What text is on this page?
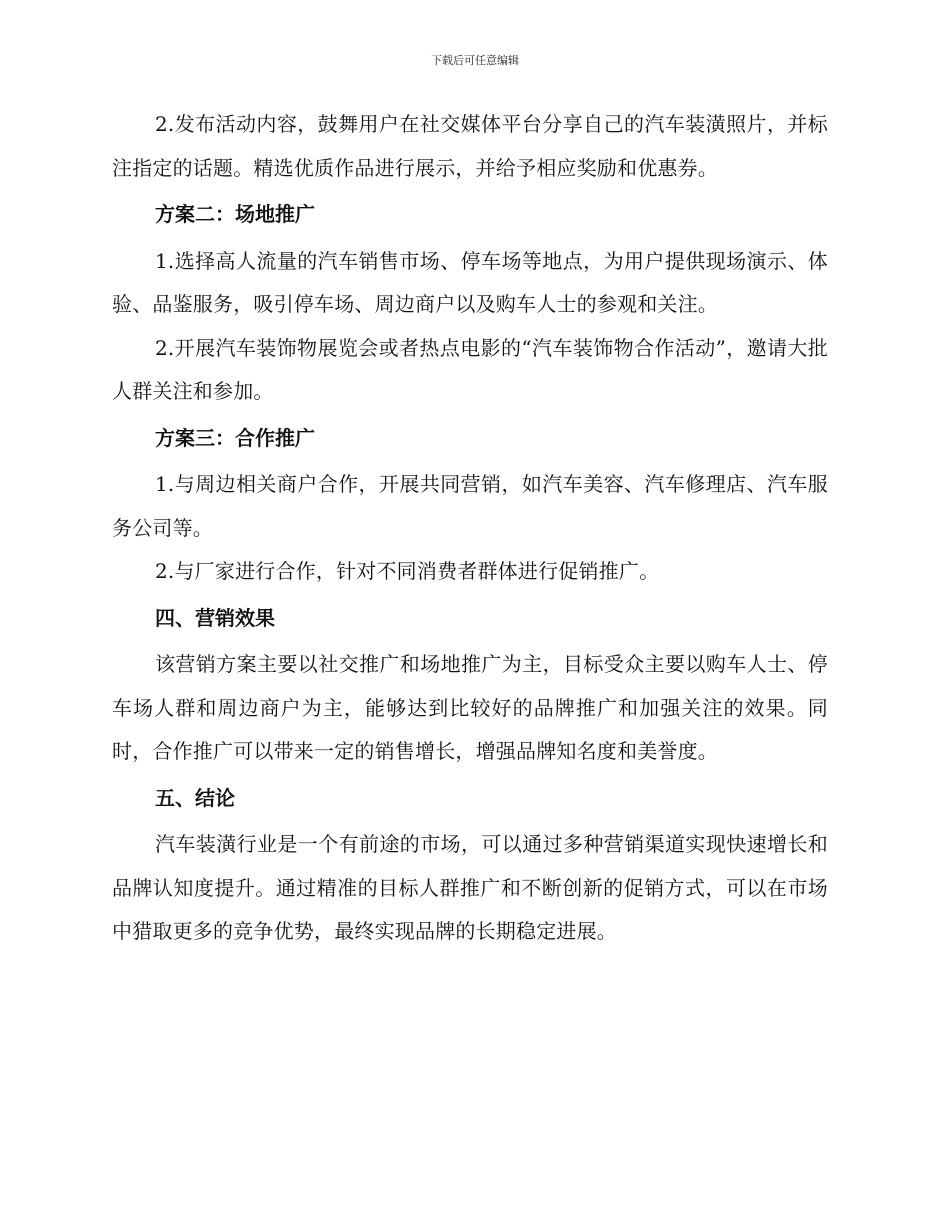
下载后可任意编辑

2.发布活动内容，鼓舞用户在社交媒体平台分享自己的汽车装潢照片，并标注指定的话题。精选优质作品进行展示，并给予相应奖励和优惠券。

方案二：场地推广

1.选择高人流量的汽车销售市场、停车场等地点，为用户提供现场演示、体验、品鉴服务，吸引停车场、周边商户以及购车人士的参观和关注。

2.开展汽车装饰物展览会或者热点电影的“汽车装饰物合作活动”，邀请大批人群关注和参加。

方案三：合作推广

1.与周边相关商户合作，开展共同营销，如汽车美容、汽车修理店、汽车服务公司等。

2.与厂家进行合作，针对不同消费者群体进行促销推广。

四、营销效果

该营销方案主要以社交推广和场地推广为主，目标受众主要以购车人士、停车场人群和周边商户为主，能够达到比较好的品牌推广和加强关注的效果。同时，合作推广可以带来一定的销售增长，增强品牌知名度和美誉度。

五、结论

汽车装潢行业是一个有前途的市场，可以通过多种营销渠道实现快速增长和品牌认知度提升。通过精准的目标人群推广和不断创新的促销方式，可以在市场中猎取更多的竞争优势，最终实现品牌的长期稳定进展。
